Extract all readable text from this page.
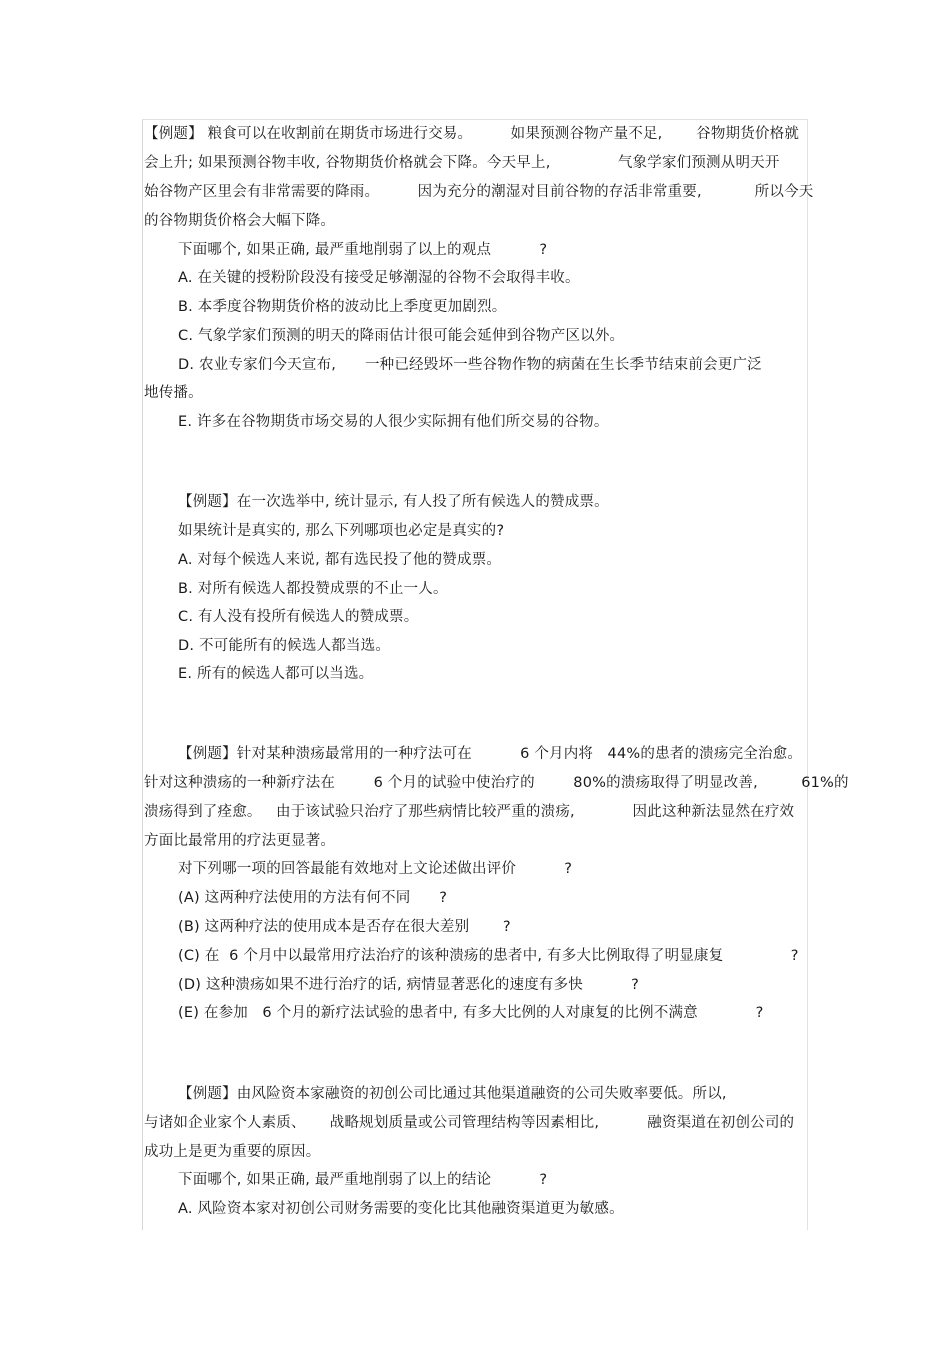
【例题】 粮食可以在收割前在期货市场进行交易。        如果预测谷物产量不足,       谷物期货价格就
会上升; 如果预测谷物丰收, 谷物期货价格就会下降。今天早上,              气象学家们预测从明天开
始谷物产区里会有非常需要的降雨。        因为充分的潮湿对目前谷物的存活非常重要,           所以今天
的谷物期货价格会大幅下降。
下面哪个, 如果正确, 最严重地削弱了以上的观点          ?
A. 在关键的授粉阶段没有接受足够潮湿的谷物不会取得丰收。
B. 本季度谷物期货价格的波动比上季度更加剧烈。
C. 气象学家们预测的明天的降雨估计很可能会延伸到谷物产区以外。
D. 农业专家们今天宣布,      一种已经毁坏一些谷物作物的病菌在生长季节结束前会更广泛
地传播。
E. 许多在谷物期货市场交易的人很少实际拥有他们所交易的谷物。
【例题】在一次选举中, 统计显示, 有人投了所有候选人的赞成票。
如果统计是真实的, 那么下列哪项也必定是真实的?
A. 对每个候选人来说, 都有选民投了他的赞成票。
B. 对所有候选人都投赞成票的不止一人。
C. 有人没有投所有候选人的赞成票。
D. 不可能所有的候选人都当选。
E. 所有的候选人都可以当选。
【例题】针对某种溃疡最常用的一种疗法可在          6 个月内将   44%的患者的溃疡完全治愈。
针对这种溃疡的一种新疗法在        6 个月的试验中使治疗的        80%的溃疡取得了明显改善,         61%的
溃疡得到了痊愈。   由于该试验只治疗了那些病情比较严重的溃疡,            因此这种新法显然在疗效
方面比最常用的疗法更显著。
对下列哪一项的回答最能有效地对上文论述做出评价          ?
(A) 这两种疗法使用的方法有何不同      ?
(B) 这两种疗法的使用成本是否存在很大差别       ?
(C) 在  6 个月中以最常用疗法治疗的该种溃疡的患者中, 有多大比例取得了明显康复              ?
(D) 这种溃疡如果不进行治疗的话, 病情显著恶化的速度有多快          ?
(E) 在参加   6 个月的新疗法试验的患者中, 有多大比例的人对康复的比例不满意            ?
【例题】由风险资本家融资的初创公司比通过其他渠道融资的公司失败率要低。所以,
与诸如企业家个人素质、     战略规划质量或公司管理结构等因素相比,          融资渠道在初创公司的
成功上是更为重要的原因。
下面哪个, 如果正确, 最严重地削弱了以上的结论          ?
A. 风险资本家对初创公司财务需要的变化比其他融资渠道更为敏感。
